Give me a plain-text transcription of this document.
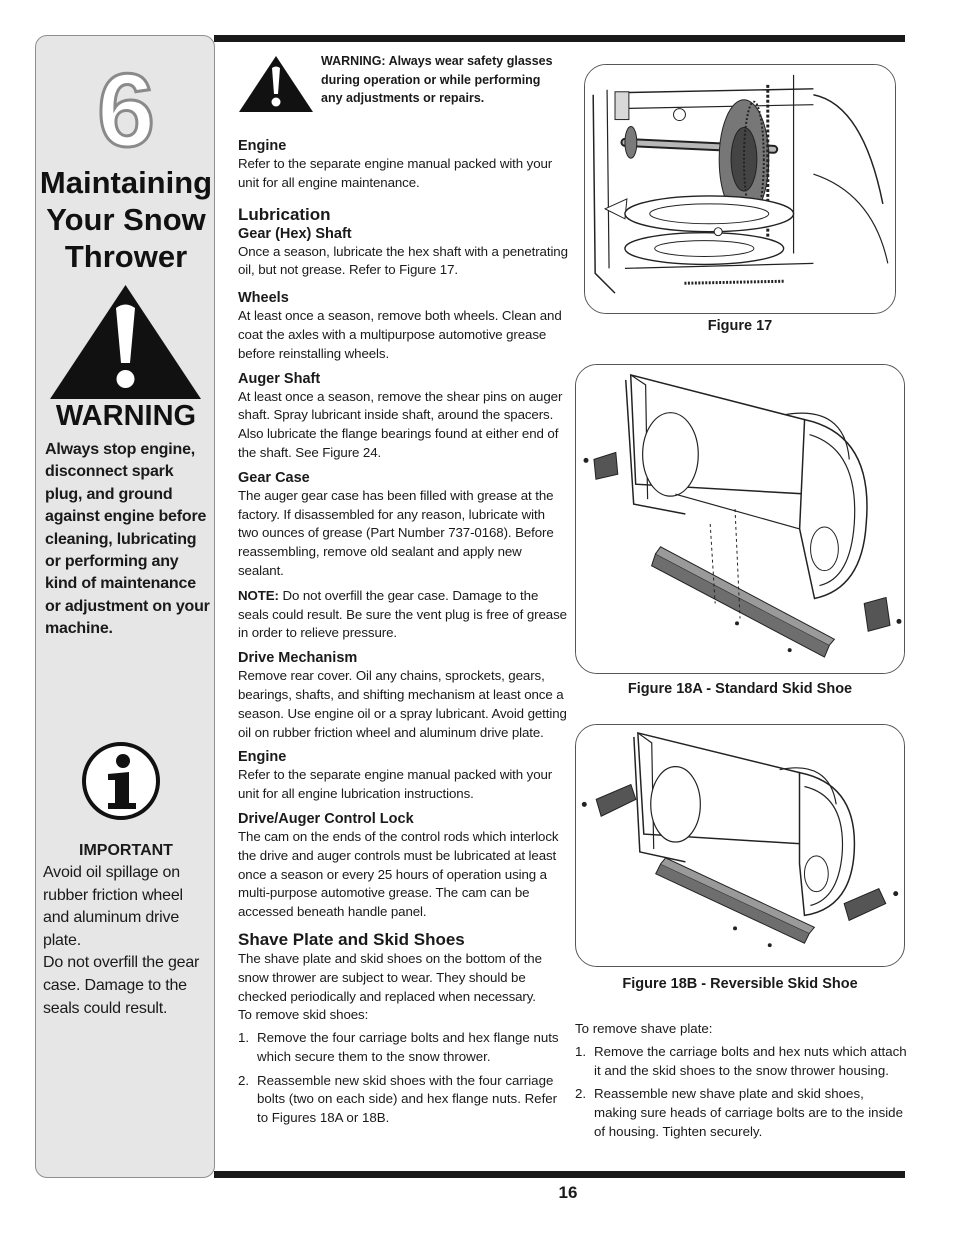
6
Maintaining Your Snow Thrower
WARNING
Always stop engine, disconnect spark plug, and ground against engine before cleaning, lubricating or performing any kind of maintenance or adjustment on your machine.
IMPORTANT
Avoid oil spillage on rubber friction wheel and aluminum drive plate.
Do not overfill the gear case. Damage to the seals could result.
WARNING: Always wear safety glasses during operation or while performing any adjustments or repairs.
Engine

Refer to the separate engine manual packed with your unit for all engine maintenance.

Lubrication
Gear (Hex) Shaft

Once a season, lubricate the hex shaft with a penetrating oil, but not grease. Refer to Figure 17.

Wheels

At least once a season, remove both wheels. Clean and coat the axles with a multipurpose automotive grease before reinstalling wheels.

Auger Shaft

At least once a season, remove the shear pins on auger shaft. Spray lubricant inside shaft, around the spacers. Also lubricate the flange bearings found at either end of the shaft. See Figure 24.

Gear Case

The auger gear case has been filled with grease at the factory. If disassembled for any reason, lubricate with two ounces of grease (Part Number 737-0168). Before reassembling, remove old sealant and apply new sealant.

NOTE: Do not overfill the gear case. Damage to the seals could result. Be sure the vent plug is free of grease in order to relieve pressure.

Drive Mechanism

Remove rear cover. Oil any chains, sprockets, gears, bearings, shafts, and shifting mechanism at least once a season. Use engine oil or a spray lubricant. Avoid getting oil on rubber friction wheel and aluminum drive plate.

Engine

Refer to the separate engine manual packed with your unit for all engine lubrication instructions.

Drive/Auger Control Lock

The cam on the ends of the control rods which interlock the drive and auger controls must be lubricated at least once a season or every 25 hours of operation using a multi-purpose automotive grease. The cam can be accessed beneath handle panel.

Shave Plate and Skid Shoes

The shave plate and skid shoes on the bottom of the snow thrower are subject to wear. They should be checked periodically and replaced when necessary.

To remove skid shoes:

1. Remove the four carriage bolts and hex flange nuts which secure them to the snow thrower.
2. Reassemble new skid shoes with the four carriage bolts (two on each side) and hex flange nuts. Refer to Figures 18A or 18B.
Figure 17
Figure 18A - Standard Skid Shoe
Figure 18B - Reversible Skid Shoe

To remove shave plate:

1. Remove the carriage bolts and hex nuts which attach it and the skid shoes to the snow thrower housing.
2. Reassemble new shave plate and skid shoes, making sure heads of carriage bolts are to the inside of housing. Tighten securely.
16
